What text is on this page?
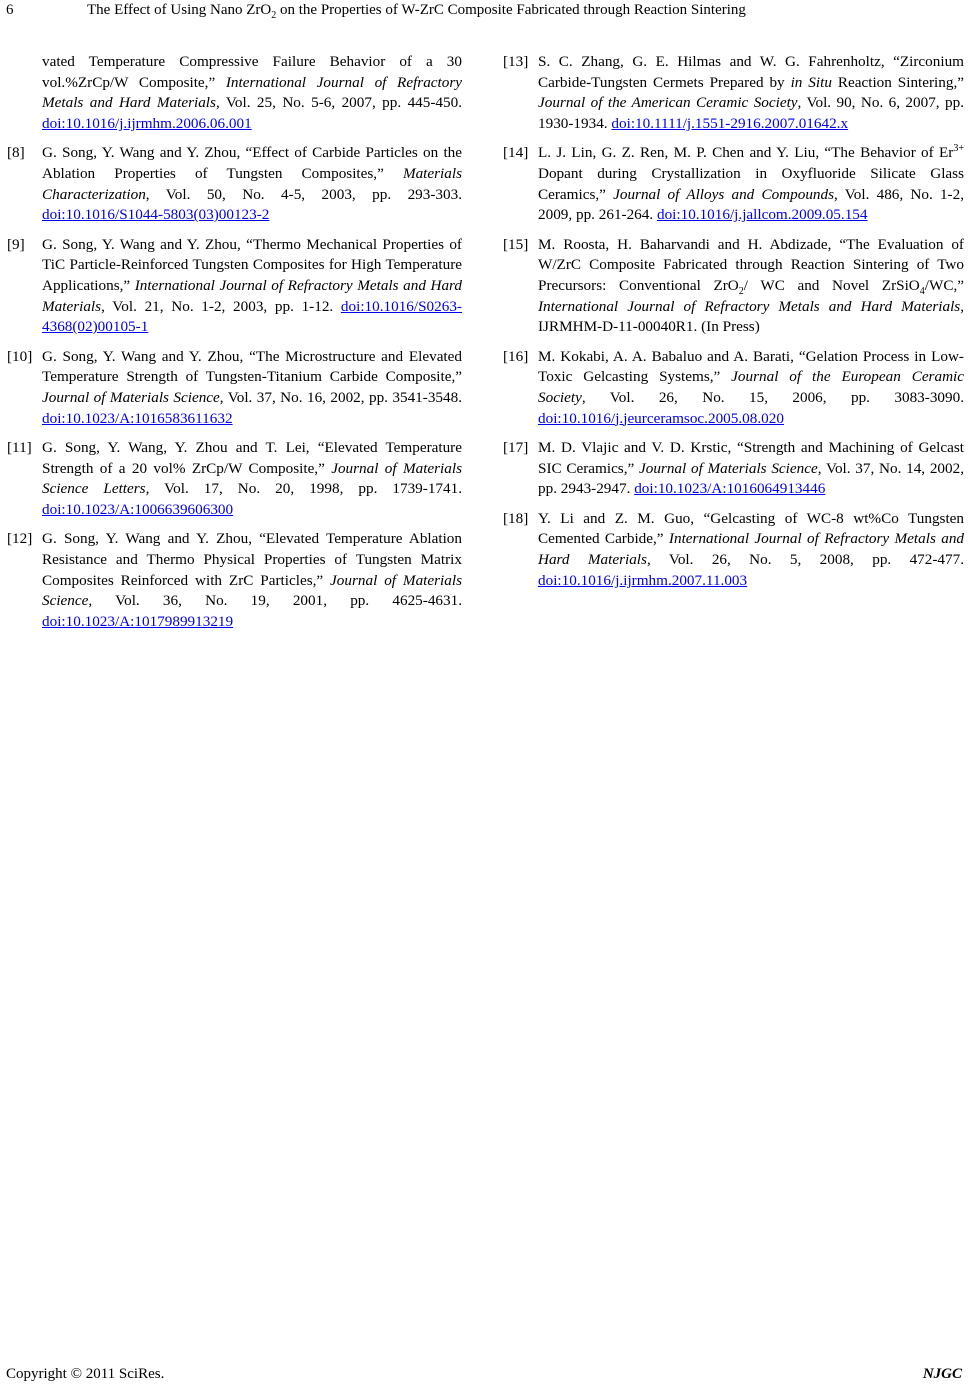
6	The Effect of Using Nano ZrO$_2$ on the Properties of W-ZrC Composite Fabricated through Reaction Sintering
vated Temperature Compressive Failure Behavior of a 30 vol.%ZrCp/W Composite,” International Journal of Refractory Metals and Hard Materials, Vol. 25, No. 5-6, 2007, pp. 445-450. doi:10.1016/j.ijrmhm.2006.06.001
[8]	G. Song, Y. Wang and Y. Zhou, “Effect of Carbide Particles on the Ablation Properties of Tungsten Composites,” Materials Characterization, Vol. 50, No. 4-5, 2003, pp. 293-303. doi:10.1016/S1044-5803(03)00123-2
[9]	G. Song, Y. Wang and Y. Zhou, “Thermo Mechanical Properties of TiC Particle-Reinforced Tungsten Composites for High Temperature Applications,” International Journal of Refractory Metals and Hard Materials, Vol. 21, No. 1-2, 2003, pp. 1-12. doi:10.1016/S0263-4368(02)00105-1
[10] G. Song, Y. Wang and Y. Zhou, “The Microstructure and Elevated Temperature Strength of Tungsten-Titanium Carbide Composite,” Journal of Materials Science, Vol. 37, No. 16, 2002, pp. 3541-3548. doi:10.1023/A:1016583611632
[11] G. Song, Y. Wang, Y. Zhou and T. Lei, “Elevated Temperature Strength of a 20 vol% ZrCp/W Composite,” Journal of Materials Science Letters, Vol. 17, No. 20, 1998, pp. 1739-1741. doi:10.1023/A:1006639606300
[12] G. Song, Y. Wang and Y. Zhou, “Elevated Temperature Ablation Resistance and Thermo Physical Properties of Tungsten Matrix Composites Reinforced with ZrC Particles,” Journal of Materials Science, Vol. 36, No. 19, 2001, pp. 4625-4631. doi:10.1023/A:1017989913219
[13] S. C. Zhang, G. E. Hilmas and W. G. Fahrenholtz, “Zirconium Carbide-Tungsten Cermets Prepared by in Situ Reaction Sintering,” Journal of the American Ceramic Society, Vol. 90, No. 6, 2007, pp. 1930-1934. doi:10.1111/j.1551-2916.2007.01642.x
[14] L. J. Lin, G. Z. Ren, M. P. Chen and Y. Liu, “The Behavior of $Er^{3+}$ Dopant during Crystallization in Oxyfluoride Silicate Glass Ceramics,” Journal of Alloys and Compounds, Vol. 486, No. 1-2, 2009, pp. 261-264. doi:10.1016/j.jallcom.2009.05.154
[15] M. Roosta, H. Baharvandi and H. Abdizade, “The Evaluation of W/ZrC Composite Fabricated through Reaction Sintering of Two Precursors: Conventional ZrO$_2$/ WC and Novel ZrSiO$_4$/WC,” International Journal of Refractory Metals and Hard Materials, IJRMHM-D-11-00040R1. (In Press)
[16] M. Kokabi, A. A. Babaluo and A. Barati, “Gelation Process in Low-Toxic Gelcasting Systems,” Journal of the European Ceramic Society, Vol. 26, No. 15, 2006, pp. 3083-3090. doi:10.1016/j.jeurceramsoc.2005.08.020
[17] M. D. Vlajic and V. D. Krstic, “Strength and Machining of Gelcast SIC Ceramics,” Journal of Materials Science, Vol. 37, No. 14, 2002, pp. 2943-2947. doi:10.1023/A:1016064913446
[18] Y. Li and Z. M. Guo, “Gelcasting of WC-8 wt%Co Tungsten Cemented Carbide,” International Journal of Refractory Metals and Hard Materials, Vol. 26, No. 5, 2008, pp. 472-477. doi:10.1016/j.ijrmhm.2007.11.003
Copyright © 2011 SciRes.	NJGC
